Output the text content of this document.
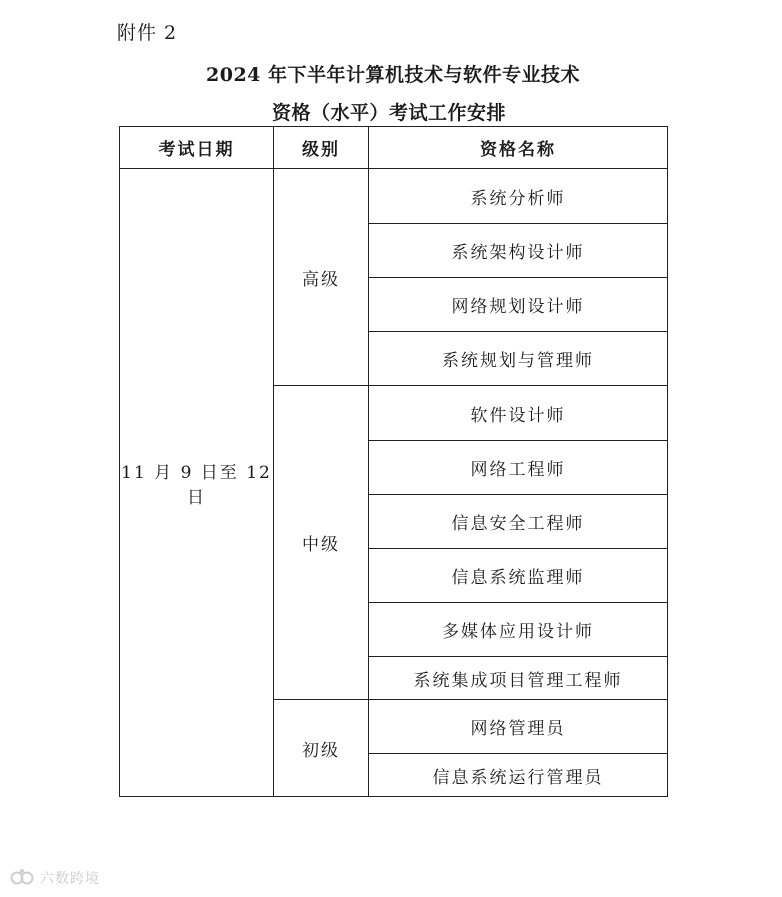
附件 2
2024 年下半年计算机技术与软件专业技术
资格（水平）考试工作安排
考试日期	级别	资格名称
11 月 9 日至 12 日	高级	系统分析师
		系统架构设计师
		网络规划设计师
		系统规划与管理师
	中级	软件设计师
		网络工程师
		信息安全工程师
		信息系统监理师
		多媒体应用设计师
		系统集成项目管理工程师
	初级	网络管理员
		信息系统运行管理员
六数跨境
